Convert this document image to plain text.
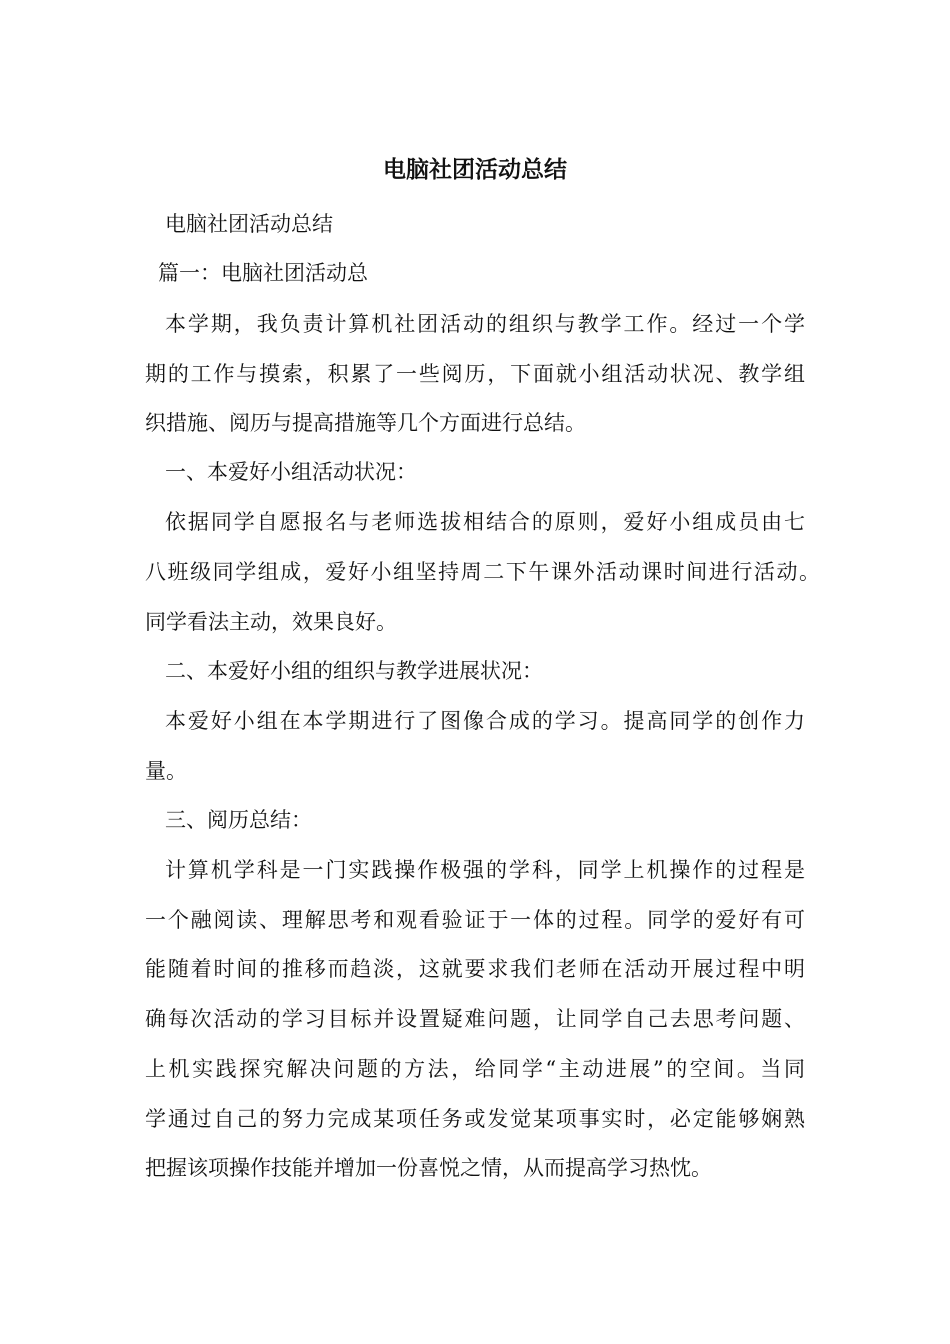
电脑社团活动总结

电脑社团活动总结

篇一：电脑社团活动总

本学期，我负责计算机社团活动的组织与教学工作。经过一个学

期的工作与摸索，积累了一些阅历，下面就小组活动状况、教学组

织措施、阅历与提高措施等几个方面进行总结。

一、本爱好小组活动状况：

依据同学自愿报名与老师选拔相结合的原则，爱好小组成员由七

八班级同学组成，爱好小组坚持周二下午课外活动课时间进行活动。

同学看法主动，效果良好。

二、本爱好小组的组织与教学进展状况：

本爱好小组在本学期进行了图像合成的学习。提高同学的创作力

量。

三、阅历总结：

计算机学科是一门实践操作极强的学科，同学上机操作的过程是

一个融阅读、理解思考和观看验证于一体的过程。同学的爱好有可

能随着时间的推移而趋淡，这就要求我们老师在活动开展过程中明

确每次活动的学习目标并设置疑难问题，让同学自己去思考问题、

上机实践探究解决问题的方法，给同学“主动进展”的空间。当同

学通过自己的努力完成某项任务或发觉某项事实时，必定能够娴熟

把握该项操作技能并增加一份喜悦之情，从而提高学习热忱。
